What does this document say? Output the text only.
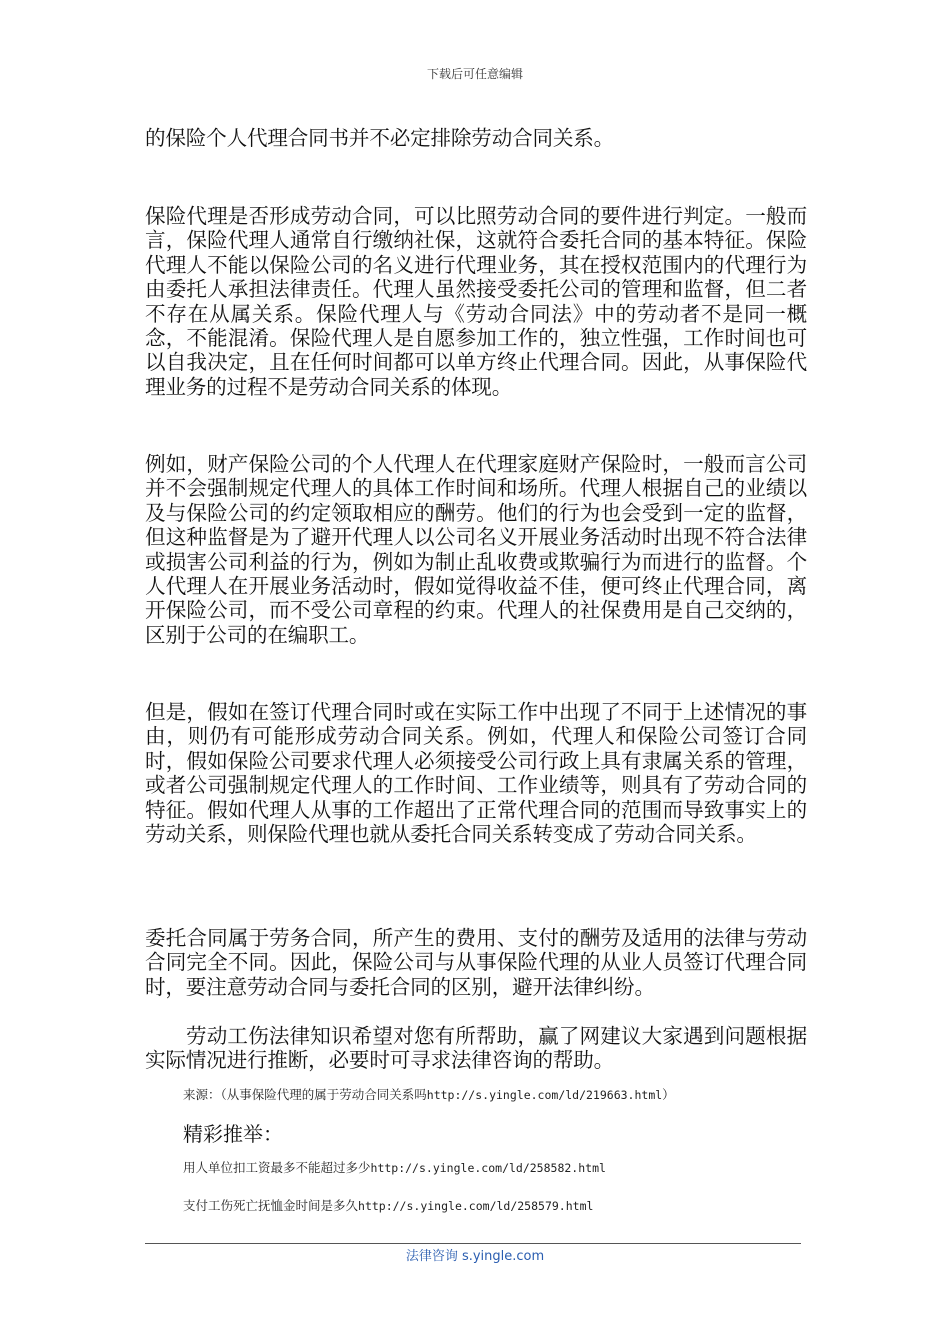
下载后可任意编辑

的保险个人代理合同书并不必定排除劳动合同关系。

保险代理是否形成劳动合同，可以比照劳动合同的要件进行判定。一般而言，保险代理人通常自行缴纳社保，这就符合委托合同的基本特征。保险代理人不能以保险公司的名义进行代理业务，其在授权范围内的代理行为由委托人承担法律责任。代理人虽然接受委托公司的管理和监督，但二者不存在从属关系。保险代理人与《劳动合同法》中的劳动者不是同一概念，不能混淆。保险代理人是自愿参加工作的，独立性强，工作时间也可以自我决定，且在任何时间都可以单方终止代理合同。因此，从事保险代理业务的过程不是劳动合同关系的体现。

例如，财产保险公司的个人代理人在代理家庭财产保险时，一般而言公司并不会强制规定代理人的具体工作时间和场所。代理人根据自己的业绩以及与保险公司的约定领取相应的酬劳。他们的行为也会受到一定的监督，但这种监督是为了避开代理人以公司名义开展业务活动时出现不符合法律或损害公司利益的行为，例如为制止乱收费或欺骗行为而进行的监督。个人代理人在开展业务活动时，假如觉得收益不佳，便可终止代理合同，离开保险公司，而不受公司章程的约束。代理人的社保费用是自己交纳的，区别于公司的在编职工。

但是，假如在签订代理合同时或在实际工作中出现了不同于上述情况的事由，则仍有可能形成劳动合同关系。例如，代理人和保险公司签订合同时，假如保险公司要求代理人必须接受公司行政上具有隶属关系的管理，或者公司强制规定代理人的工作时间、工作业绩等，则具有了劳动合同的特征。假如代理人从事的工作超出了正常代理合同的范围而导致事实上的劳动关系，则保险代理也就从委托合同关系转变成了劳动合同关系。

委托合同属于劳务合同，所产生的费用、支付的酬劳及适用的法律与劳动合同完全不同。因此，保险公司与从事保险代理的从业人员签订代理合同时，要注意劳动合同与委托合同的区别，避开法律纠纷。

劳动工伤法律知识希望对您有所帮助，赢了网建议大家遇到问题根据实际情况进行推断，必要时可寻求法律咨询的帮助。

来源：（从事保险代理的属于劳动合同关系吗http://s.yingle.com/ld/219663.html）
精彩推举：
用人单位扣工资最多不能超过多少http://s.yingle.com/ld/258582.html
支付工伤死亡抚恤金时间是多久http://s.yingle.com/ld/258579.html
法律咨询 s.yingle.com
